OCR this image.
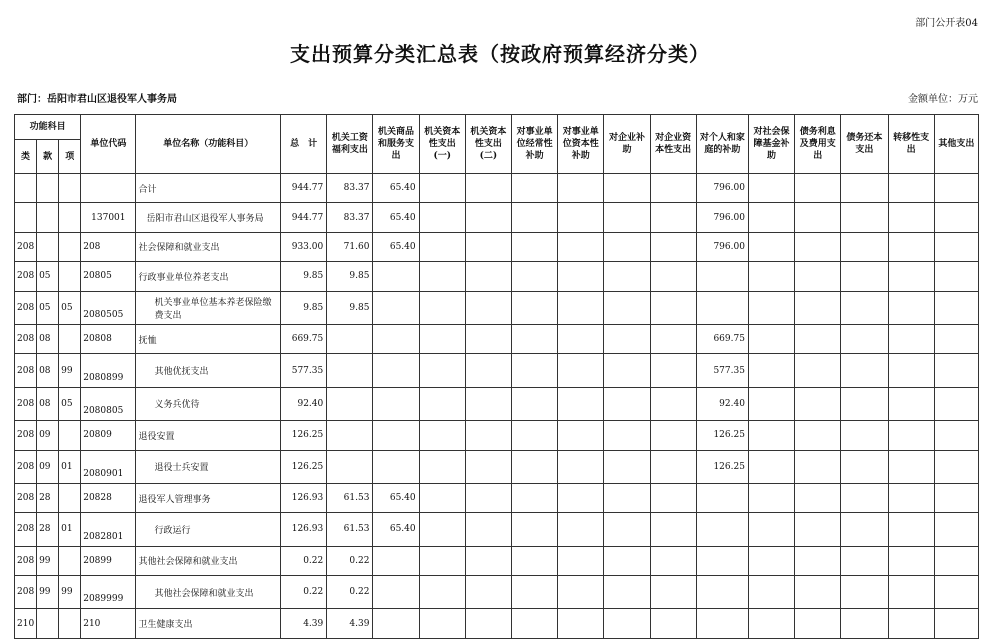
部门公开表04
支出预算分类汇总表（按政府预算经济分类）
部门：岳阳市君山区退役军人事务局	金额单位：万元
功能科目			单位代码	单位名称（功能科目）	总　计	机关工资福利支出	机关商品和服务支出	机关资本性支出(一)	机关资本性支出(二)	对事业单位经常性补助	对事业单位资本性补助	对企业补助	对企业资本性支出	对个人和家庭的补助	对社会保障基金补助	债务利息及费用支出	债务还本支出	转移性支出	其他支出
类	款	项																	
				合计	944.77	83.37	65.40							796.00					
			137001	岳阳市君山区退役军人事务局	944.77	83.37	65.40							796.00					
208			208	社会保障和就业支出	933.00	71.60	65.40							796.00					
208	05		20805	行政事业单位养老支出	9.85	9.85													
208	05	05	2080505	机关事业单位基本养老保险缴费支出	9.85	9.85													
208	08		20808	抚恤	669.75									669.75					
208	08	99	2080899	其他优抚支出	577.35									577.35					
208	08	05	2080805	义务兵优待	92.40									92.40					
208	09		20809	退役安置	126.25									126.25					
208	09	01	2080901	退役士兵安置	126.25									126.25					
208	28		20828	退役军人管理事务	126.93	61.53	65.40												
208	28	01	2082801	行政运行	126.93	61.53	65.40												
208	99		20899	其他社会保障和就业支出	0.22	0.22													
208	99	99	2089999	其他社会保障和就业支出	0.22	0.22													
210			210	卫生健康支出	4.39	4.39													
